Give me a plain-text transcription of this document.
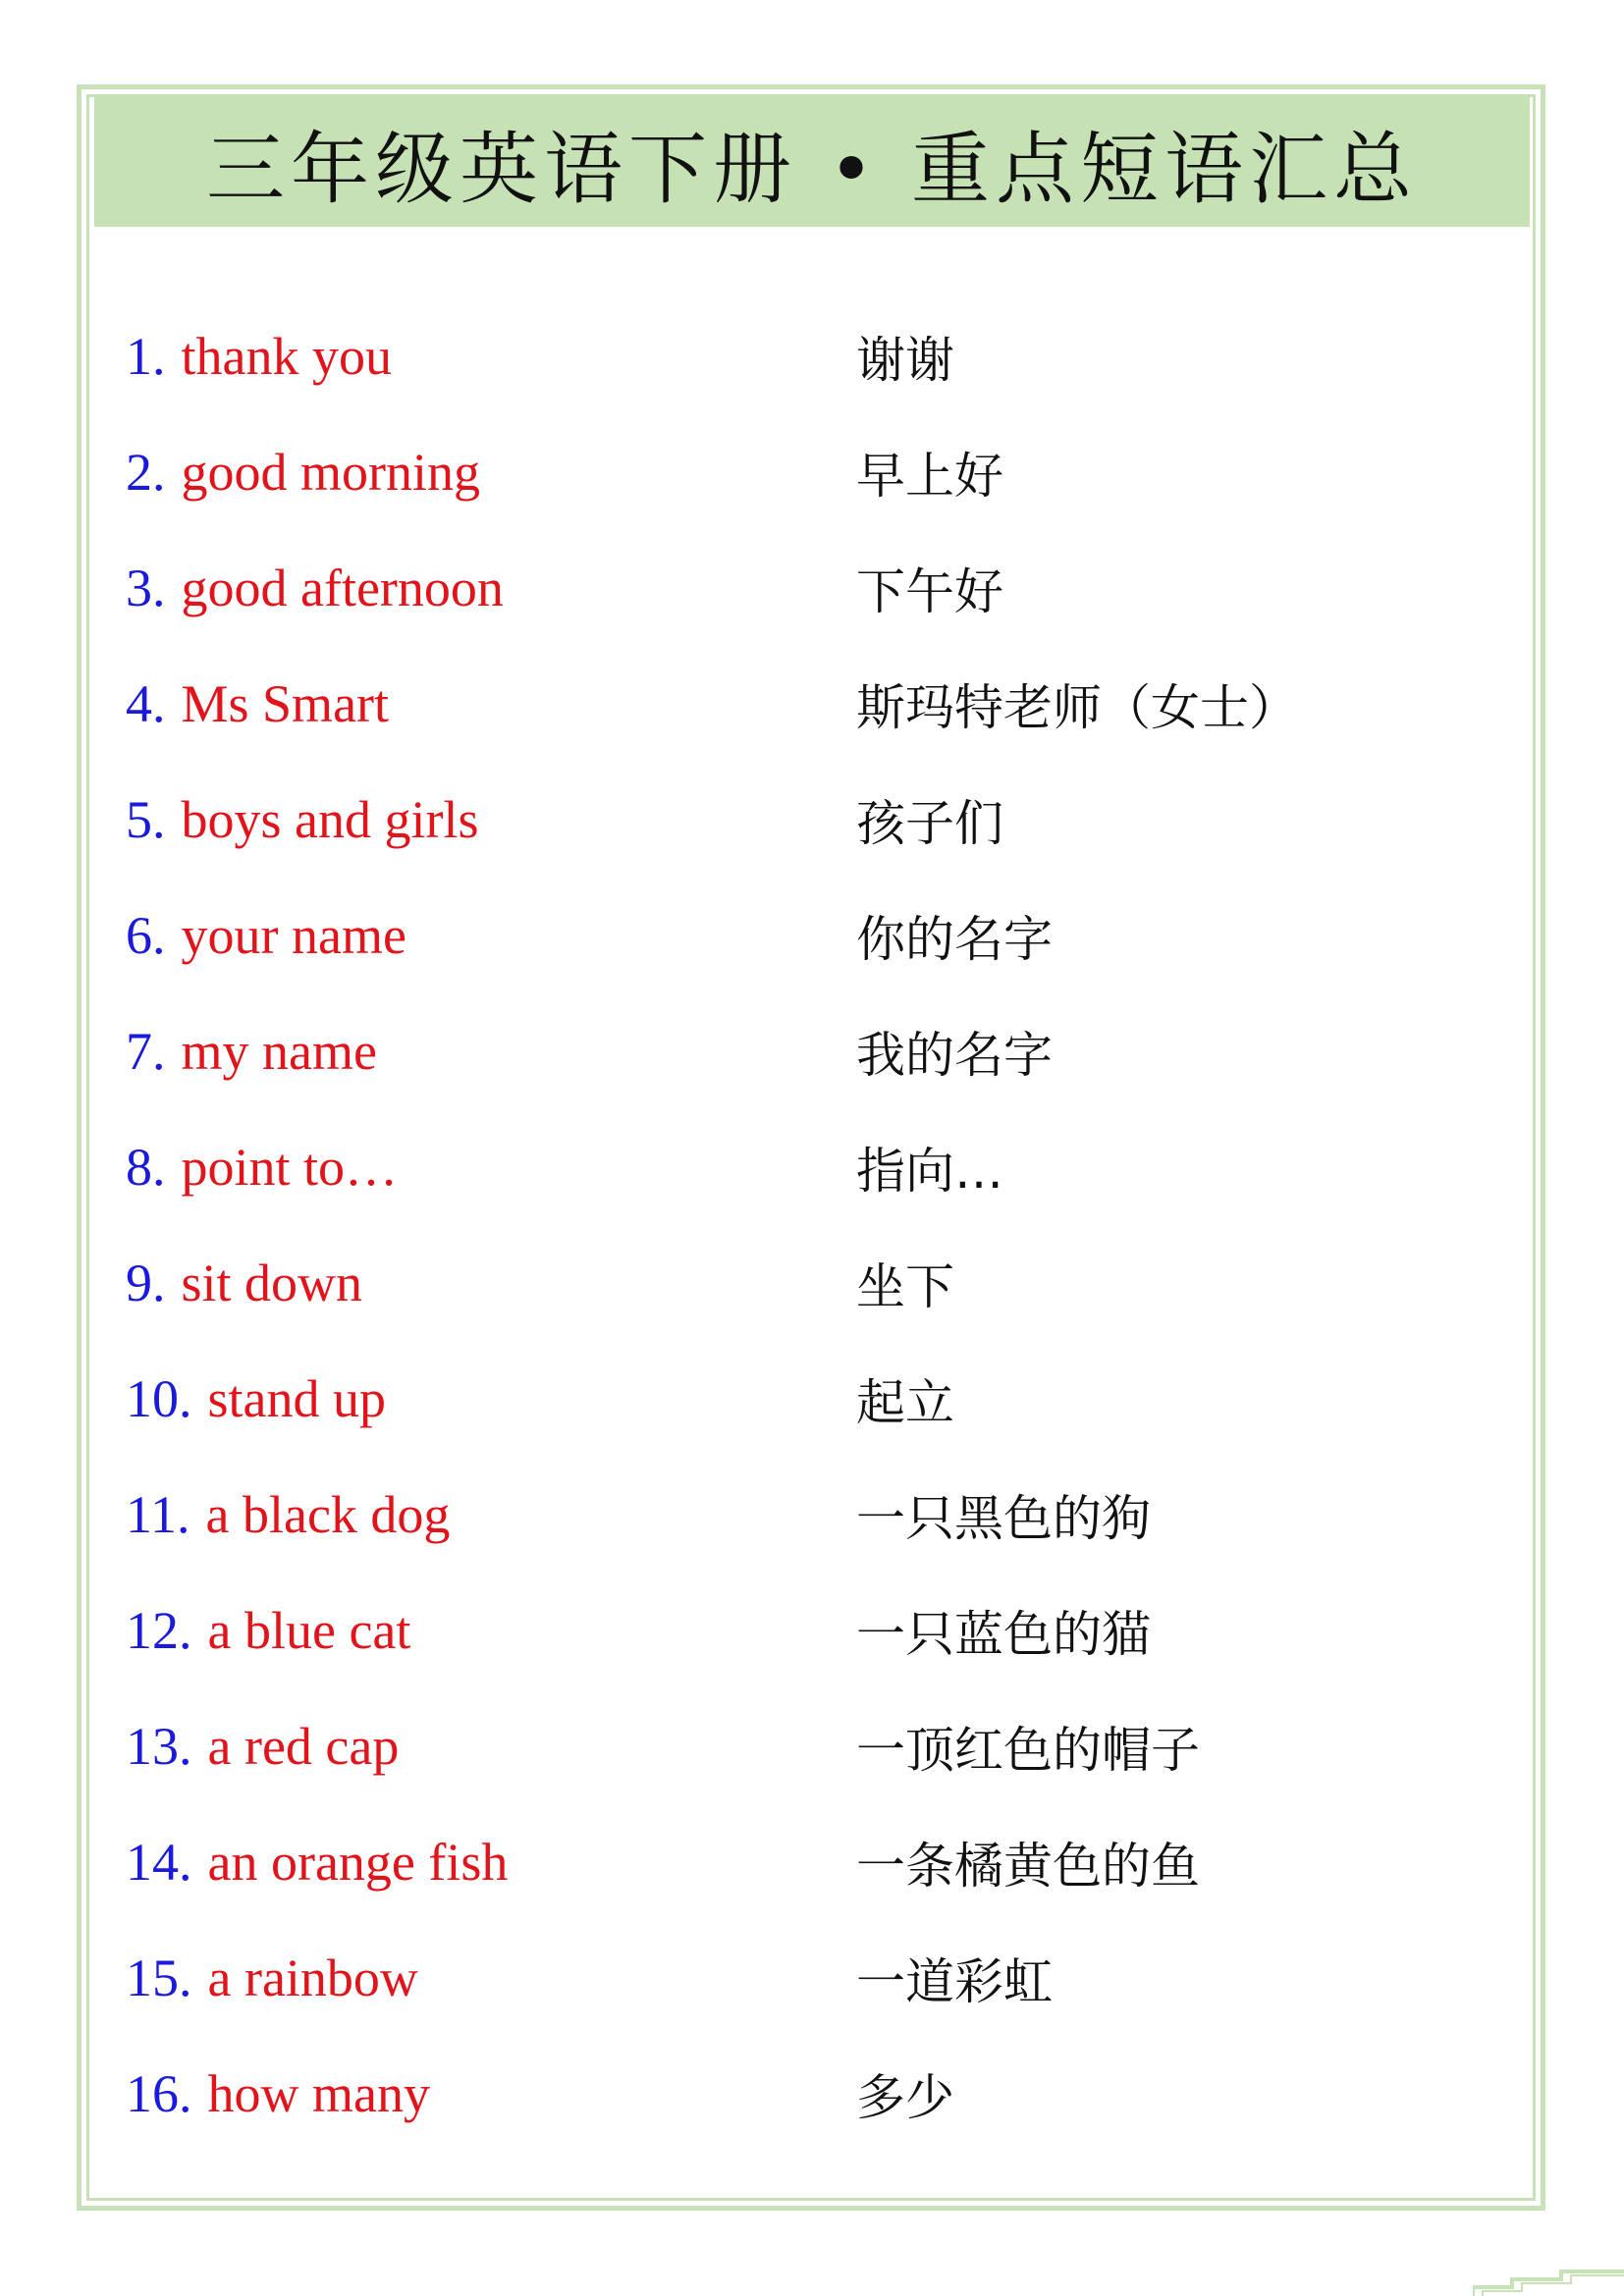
三年级英语下册 • 重点短语汇总
1. thank you	谢谢
2. good morning	早上好
3. good afternoon	下午好
4. Ms Smart	斯玛特老师（女士）
5. boys and girls	孩子们
6. your name	你的名字
7. my name	我的名字
8. point to…	指向…
9. sit down	坐下
10. stand up	起立
11. a black dog	一只黑色的狗
12. a blue cat	一只蓝色的猫
13. a red cap	一顶红色的帽子
14. an orange fish	一条橘黄色的鱼
15. a rainbow	一道彩虹
16. how many	多少
